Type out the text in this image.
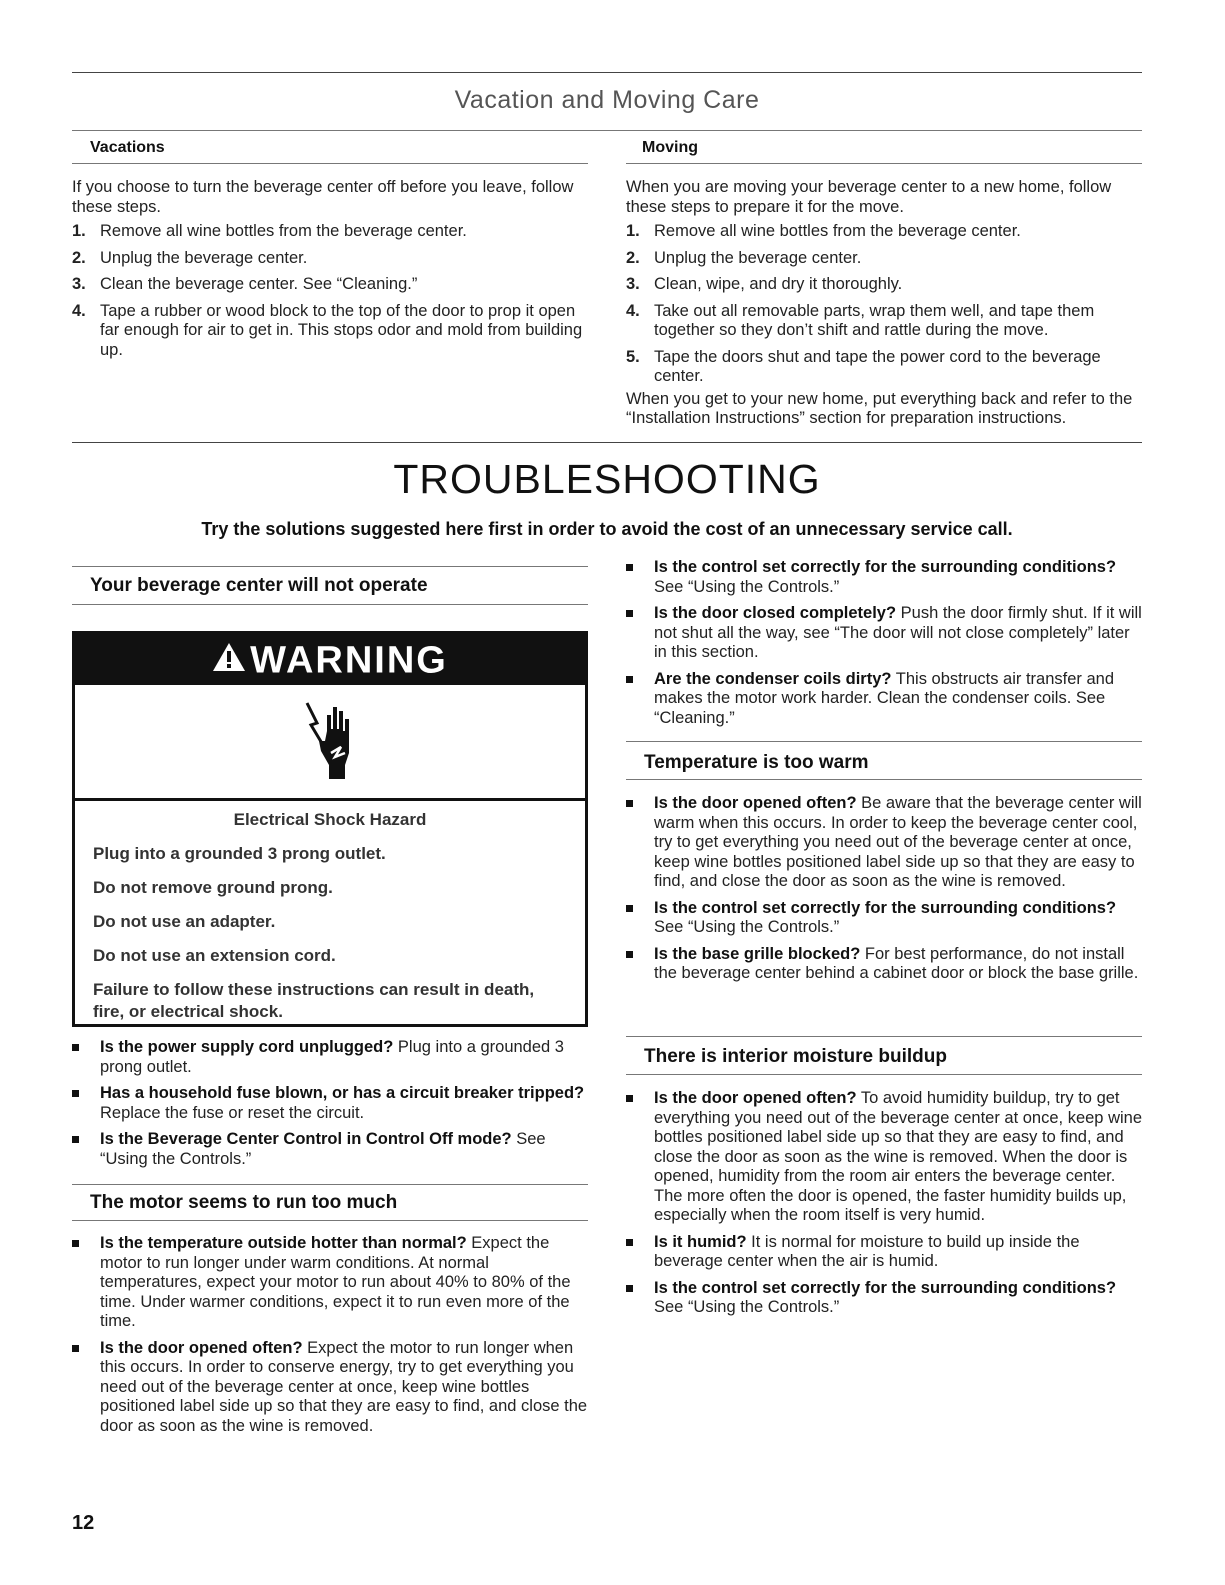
Vacation and Moving Care
Vacations

If you choose to turn the beverage center off before you leave, follow these steps.

1. Remove all wine bottles from the beverage center.
2. Unplug the beverage center.
3. Clean the beverage center. See “Cleaning.”
4. Tape a rubber or wood block to the top of the door to prop it open far enough for air to get in. This stops odor and mold from building up.
Moving

When you are moving your beverage center to a new home, follow these steps to prepare it for the move.

1. Remove all wine bottles from the beverage center.
2. Unplug the beverage center.
3. Clean, wipe, and dry it thoroughly.
4. Take out all removable parts, wrap them well, and tape them together so they don’t shift and rattle during the move.
5. Tape the doors shut and tape the power cord to the beverage center.

When you get to your new home, put everything back and refer to the “Installation Instructions” section for preparation instructions.

TROUBLESHOOTING
Try the solutions suggested here first in order to avoid the cost of an unnecessary service call.
Your beverage center will not operate
WARNING

Electrical Shock Hazard

Plug into a grounded 3 prong outlet.

Do not remove ground prong.

Do not use an adapter.

Do not use an extension cord.

Failure to follow these instructions can result in death, fire, or electrical shock.

Is the power supply cord unplugged? Plug into a grounded 3 prong outlet.
Has a household fuse blown, or has a circuit breaker tripped? Replace the fuse or reset the circuit.
Is the Beverage Center Control in Control Off mode? See “Using the Controls.”
The motor seems to run too much
Is the temperature outside hotter than normal? Expect the motor to run longer under warm conditions. At normal temperatures, expect your motor to run about 40% to 80% of the time. Under warmer conditions, expect it to run even more of the time.
Is the door opened often? Expect the motor to run longer when this occurs. In order to conserve energy, try to get everything you need out of the beverage center at once, keep wine bottles positioned label side up so that they are easy to find, and close the door as soon as the wine is removed.
Is the control set correctly for the surrounding conditions? See “Using the Controls.”
Is the door closed completely? Push the door firmly shut. If it will not shut all the way, see “The door will not close completely” later in this section.
Are the condenser coils dirty? This obstructs air transfer and makes the motor work harder. Clean the condenser coils. See “Cleaning.”
Temperature is too warm
Is the door opened often? Be aware that the beverage center will warm when this occurs. In order to keep the beverage center cool, try to get everything you need out of the beverage center at once, keep wine bottles positioned label side up so that they are easy to find, and close the door as soon as the wine is removed.
Is the control set correctly for the surrounding conditions? See “Using the Controls.”
Is the base grille blocked? For best performance, do not install the beverage center behind a cabinet door or block the base grille.
There is interior moisture buildup
Is the door opened often? To avoid humidity buildup, try to get everything you need out of the beverage center at once, keep wine bottles positioned label side up so that they are easy to find, and close the door as soon as the wine is removed. When the door is opened, humidity from the room air enters the beverage center. The more often the door is opened, the faster humidity builds up, especially when the room itself is very humid.
Is it humid? It is normal for moisture to build up inside the beverage center when the air is humid.
Is the control set correctly for the surrounding conditions? See “Using the Controls.”
12
